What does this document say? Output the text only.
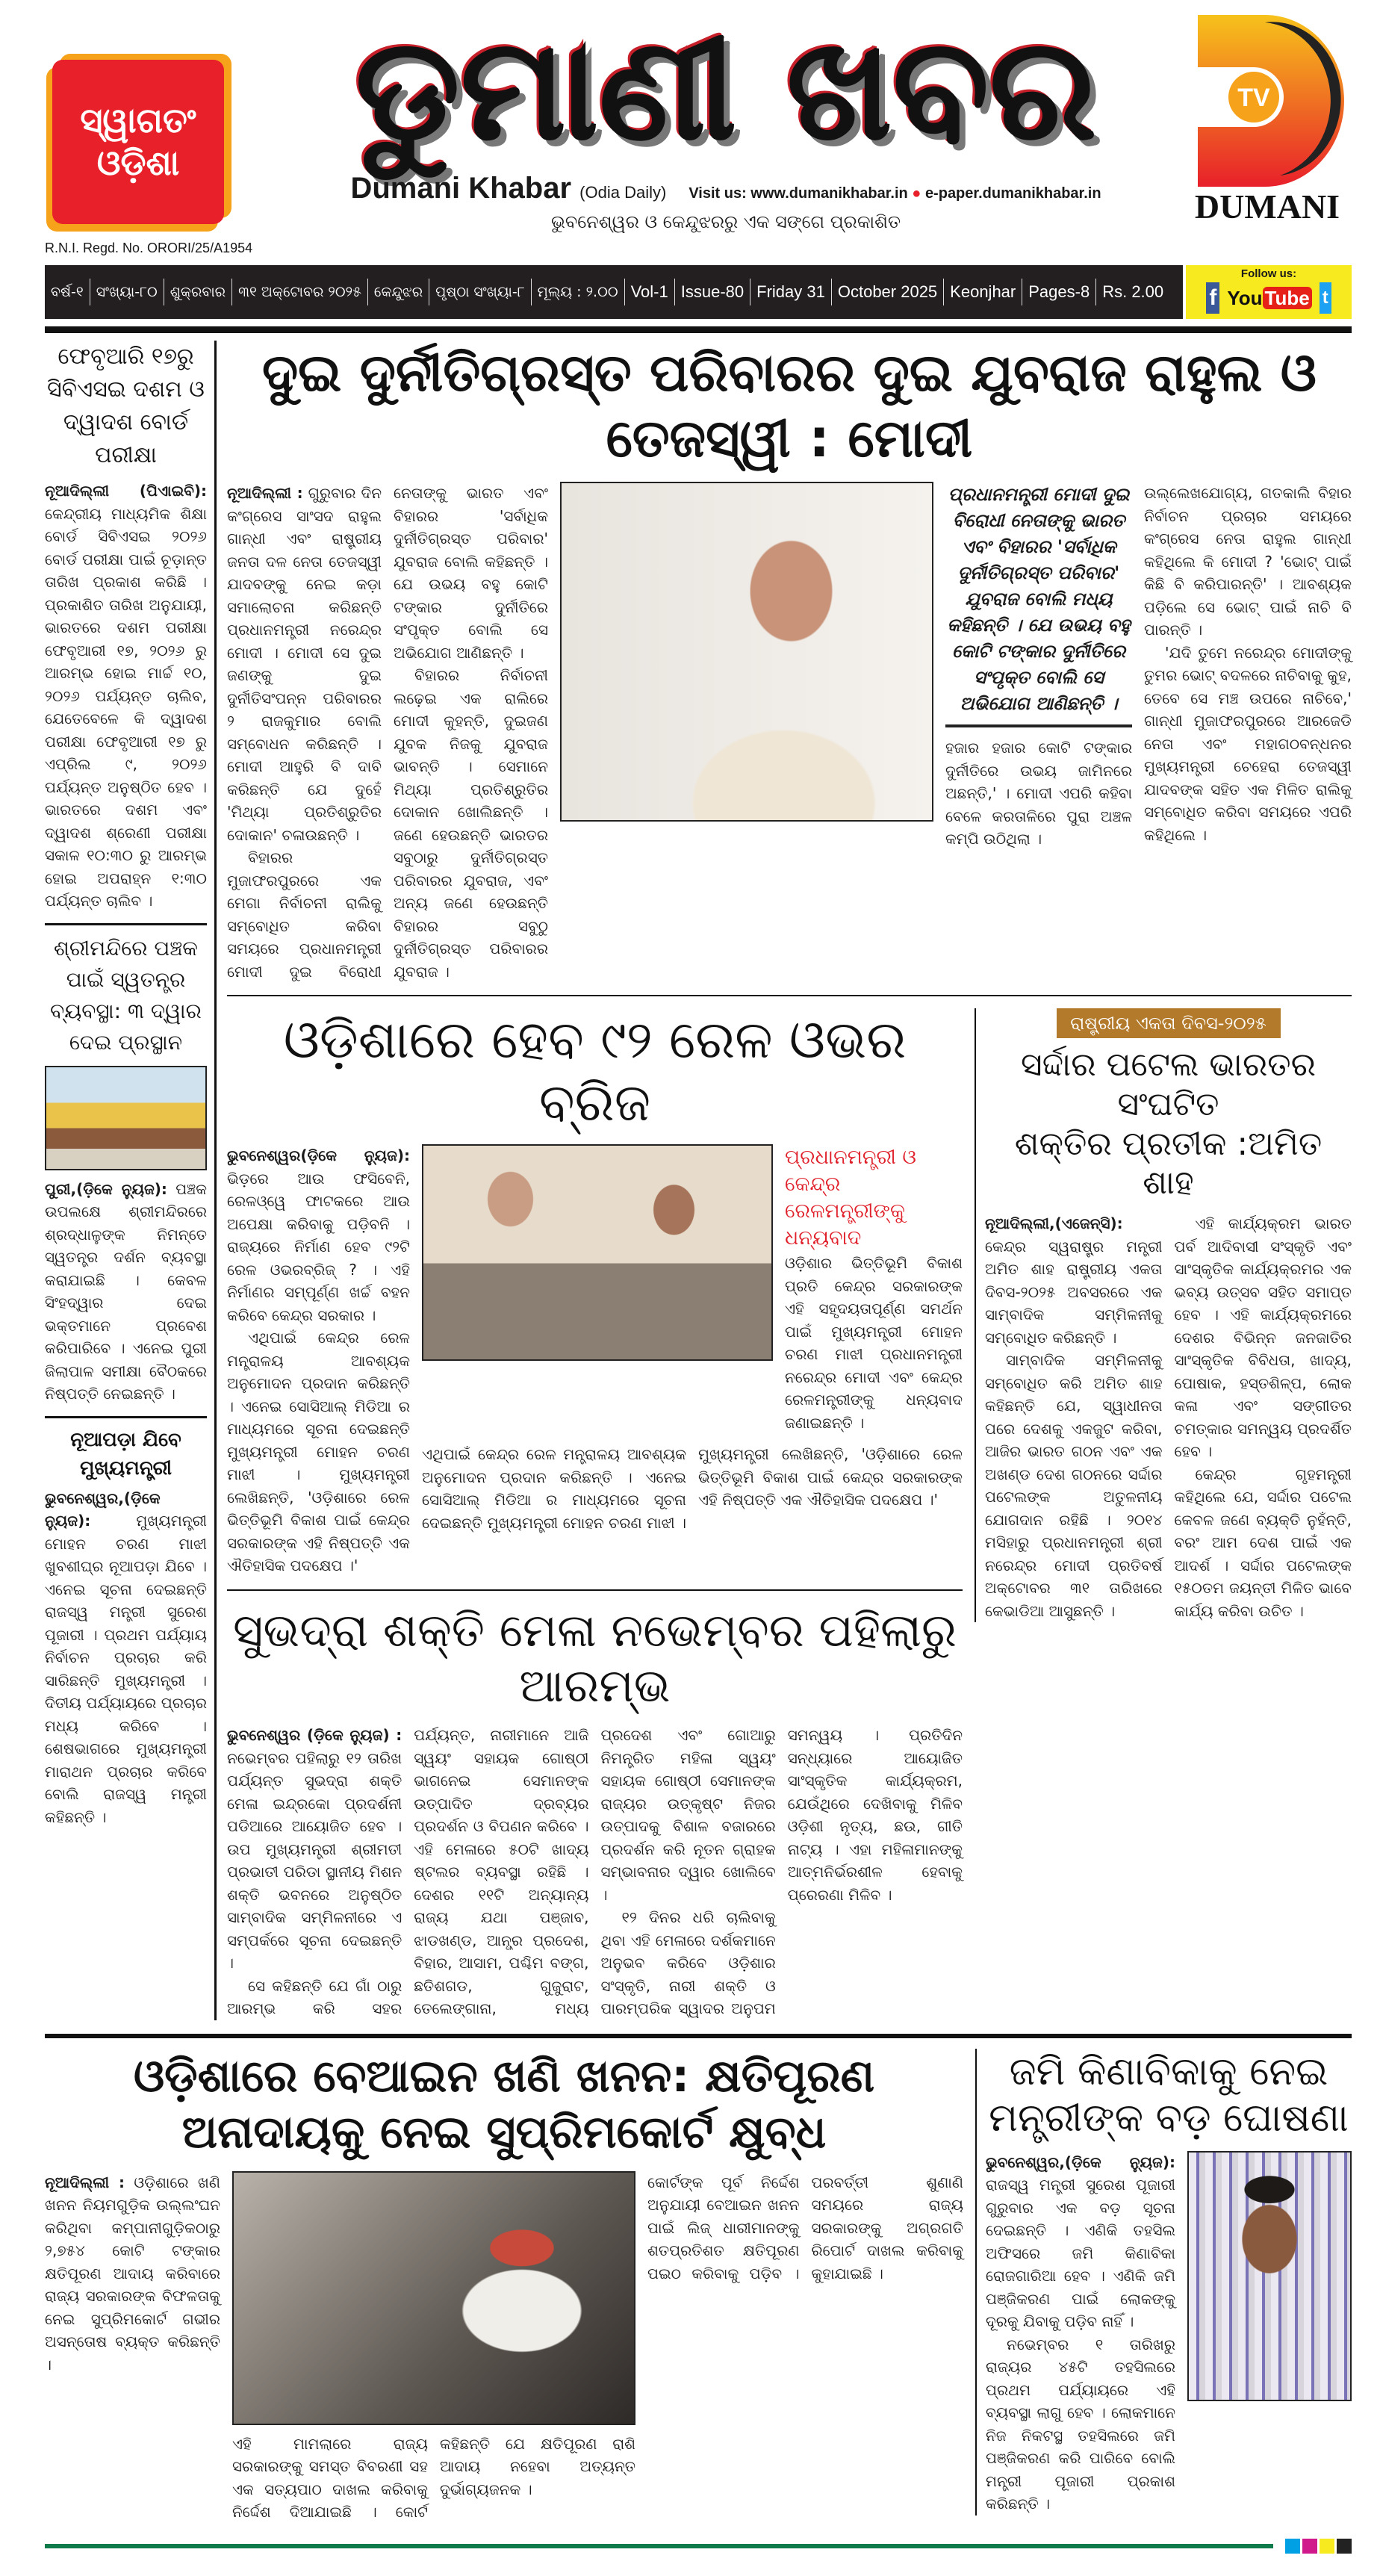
ସ୍ୱାଗତଂ
ଓଡ଼ିଶା
R.N.I. Regd. No. ORORI/25/A1954
ଡୁମାଣୀ ଖବର
Dumani Khabar (Odia Daily) Visit us: www.dumanikhabar.in ● e-paper.dumanikhabar.in
ଭୁବନେଶ୍ୱର ଓ କେନ୍ଦୁଝରରୁ ଏକ ସଙ୍ଗେ ପ୍ରକାଶିତ
TV
DUMANI
ବର୍ଷ-୧ ସଂଖ୍ୟା-୮୦ ଶୁକ୍ରବାର ୩୧ ଅକ୍ଟୋବର ୨୦୨୫ କେନ୍ଦୁଝର ପୃଷ୍ଠା ସଂଖ୍ୟା-୮ ମୂଲ୍ୟ : ୨.୦୦ Vol-1 Issue-80 Friday 31 October 2025 Keonjhar Pages-8 Rs. 2.00
Follow us:
f You Tube t
ଫେବୃଆରି ୧୭ରୁ ସିବିଏସଇ ଦଶମ ଓ ଦ୍ୱାଦଶ ବୋର୍ଡ ପରୀକ୍ଷା

ନୂଆଦିଲ୍ଲୀ (ପିଏାଇବି): କେନ୍ଦ୍ରୀୟ ମାଧ୍ୟମିକ ଶିକ୍ଷା ବୋର୍ଡ ସିବିଏସଇ ୨୦୨୬ ବୋର୍ଡ ପରୀକ୍ଷା ପାଇଁ ଚୂଡ଼ାନ୍ତ ତାରିଖ ପ୍ରକାଶ କରିଛି । ପ୍ରକାଶିତ ତାରିଖ ଅନୁଯାୟୀ, ଭାରତରେ ଦଶମ ପରୀକ୍ଷା ଫେବୃଆରୀ ୧୭, ୨୦୨୬ ରୁ ଆରମ୍ଭ ହୋଇ ମାର୍ଚ୍ଚ ୧୦, ୨୦୨୬ ପର୍ଯ୍ୟନ୍ତ ଚାଲିବ, ଯେତେବେଳେ କି ଦ୍ୱାଦଶ ପରୀକ୍ଷା ଫେବୃଆରୀ ୧୭ ରୁ ଏପ୍ରିଲ ୯, ୨୦୨୬ ପର୍ଯ୍ୟନ୍ତ ଅନୁଷ୍ଠିତ ହେବ । ଭାରତରେ ଦଶମ ଏବଂ ଦ୍ୱାଦଶ ଶ୍ରେଣୀ ପରୀକ୍ଷା ସକାଳ ୧୦:୩୦ ରୁ ଆରମ୍ଭ ହୋଇ ଅପରାହ୍ନ ୧:୩୦ ପର୍ଯ୍ୟନ୍ତ ଚାଲିବ ।

ଶ୍ରୀମନ୍ଦିରେ ପଞ୍ଚକ ପାଇଁ ସ୍ୱତନ୍ତ୍ର ବ୍ୟବସ୍ଥା: ୩ ଦ୍ୱାର ଦେଇ ପ୍ରସ୍ଥାନ

ପୁରୀ,(ଡ଼ିକେ ନ୍ୟୁଜ): ପଞ୍ଚକ ଉପଲକ୍ଷେ ଶ୍ରୀମନ୍ଦିରରେ ଶ୍ରଦ୍ଧାଳୁଙ୍କ ନିମନ୍ତେ ସ୍ୱତନ୍ତ୍ର ଦର୍ଶନ ବ୍ୟବସ୍ଥା କରାଯାଇଛି । କେବଳ ସିଂହଦ୍ୱାର ଦେଇ ଭକ୍ତମାନେ ପ୍ରବେଶ କରିପାରିବେ । ଏନେଇ ପୁରୀ ଜିଲାପାଳ ସମୀକ୍ଷା ବୈଠକରେ ନିଷ୍ପତ୍ତି ନେଇଛନ୍ତି ।

ନୂଆପଡ଼ା ଯିବେ ମୁଖ୍ୟମନ୍ତ୍ରୀ

ଭୁବନେଶ୍ୱର,(ଡ଼ିକେ ନ୍ୟୁଜ):	ମୁଖ୍ୟମନ୍ତ୍ରୀ ମୋହନ ଚରଣ ମାଝୀ ଖୁବଶୀଘ୍ର ନୂଆପଡ଼ା ଯିବେ । ଏନେଇ ସୂଚନା ଦେଇଛନ୍ତି ରାଜସ୍ୱ ମନ୍ତ୍ରୀ ସୁରେଶ ପୂଜାରୀ । ପ୍ରଥମ ପର୍ଯ୍ୟାୟ ନିର୍ବାଚନ ପ୍ରଚାର କରି ସାରିଛନ୍ତି ମୁଖ୍ୟମନ୍ତ୍ରୀ । ଦିତୀୟ ପର୍ଯ୍ୟାୟରେ ପ୍ରଚାର ମଧ୍ୟ କରିବେ । ଶେଷଭାଗରେ ମୁଖ୍ୟମନ୍ତ୍ରୀ ମାରାଥନ ପ୍ରଚାର କରିବେ ବୋଲି ରାଜସ୍ୱ ମନ୍ତ୍ରୀ କହିଛନ୍ତି ।

ଦୁଇ ଦୁର୍ନୀତିଗ୍ରସ୍ତ ପରିବାରର ଦୁଇ ଯୁବରାଜ ରାହୁଲ ଓ ତେଜସ୍ୱୀ : ମୋଦୀ

ନୂଆଦିଲ୍ଲୀ : ଗୁରୁବାର ଦିନ କଂଗ୍ରେସ ସାଂସଦ ରାହୁଲ ଗାନ୍ଧୀ ଏବଂ ରାଷ୍ଟ୍ରୀୟ ଜନତା ଦଳ ନେତା ତେଜସ୍ୱୀ ଯାଦବଙ୍କୁ ନେଇ କଡ଼ା ସମାଲୋଚନା କରିଛନ୍ତି ପ୍ରଧାନମନ୍ତ୍ରୀ ନରେନ୍ଦ୍ର ମୋଦୀ । ମୋଦୀ ସେ ଦୁଇ ଜଣଙ୍କୁ ଦୁଇ ଦୁର୍ନୀତିସଂପନ୍ନ ପରିବାରର ୨ ରାଜକୁମାର ବୋଲି ସମ୍ବୋଧନ କରିଛନ୍ତି । ମୋଦୀ ଆହୁରି ବି ଦାବି କରିଛନ୍ତି ଯେ ଦୁହେଁ 'ମିଥ୍ୟା ପ୍ରତିଶ୍ରୁତିର ଦୋକାନ' ଚଳାଉଛନ୍ତି ।

ବିହାରର ମୁଜାଫରପୁରରେ ଏକ ମେଗା ନିର୍ବାଚନୀ ରାଲିକୁ ସମ୍ବୋଧିତ କରିବା ସମୟରେ ପ୍ରଧାନମନ୍ତ୍ରୀ ମୋଦୀ ଦୁଇ ବିରୋଧୀ ନେତାଙ୍କୁ ଭାରତ ଏବଂ ବିହାରର 'ସର୍ବାଧିକ ଦୁର୍ନୀତିଗ୍ରସ୍ତ ପରିବାର' ଯୁବରାଜ ବୋଲି କହିଛନ୍ତି । ଯେ ଉଭୟ ବହୁ କୋଟି ଟଙ୍କାର ଦୁର୍ନୀତିରେ ସଂପୃକ୍ତ ବୋଲି ସେ ଅଭିଯୋଗ ଆଣିଛନ୍ତି ।

ବିହାରର ନିର୍ବାଚନୀ ଲଢ଼େଇ ଏକ ରାଲିରେ ମୋଦୀ କୁହନ୍ତି, ଦୁଇଜଣ ଯୁବକ ନିଜକୁ ଯୁବରାଜ ଭାବନ୍ତି । ସେମାନେ ମିଥ୍ୟା ପ୍ରତିଶ୍ରୁତିର ଦୋକାନ ଖୋଲିଛନ୍ତି । ଜଣେ ହେଉଛନ୍ତି ଭାରତର ସବୁଠାରୁ ଦୁର୍ନୀତିଗ୍ରସ୍ତ ପରିବାରର ଯୁବରାଜ, ଏବଂ ଅନ୍ୟ ଜଣେ ହେଉଛନ୍ତି ବିହାରର ସବୁଠୁ ଦୁର୍ନୀତିଗ୍ରସ୍ତ ପରିବାରର ଯୁବରାଜ ।

ପ୍ରଧାନମନ୍ତ୍ରୀ ମୋଦୀ ଦୁଇ ବିରୋଧୀ ନେତାଙ୍କୁ ଭାରତ ଏବଂ ବିହାରର 'ସର୍ବାଧିକ ଦୁର୍ନୀତିଗ୍ରସ୍ତ ପରିବାର' ଯୁବରାଜ ବୋଲି ମଧ୍ୟ କହିଛନ୍ତି । ଯେ ଉଭୟ ବହୁ କୋଟି ଟଙ୍କାର ଦୁର୍ନୀତିରେ ସଂପୃକ୍ତ ବୋଲି ସେ ଅଭିଯୋଗ ଆଣିଛନ୍ତି ।

ହଜାର ହଜାର କୋଟି ଟଙ୍କାର ଦୁର୍ନୀତିରେ ଉଭୟ ଜାମିନରେ ଅଛନ୍ତି,' । ମୋଦୀ ଏପରି କହିବା ବେଳେ କରତାଳିରେ ପୁରା ଅଞ୍ଚଳ କମ୍ପି ଉଠିଥିଲା ।

ଉଲ୍ଲେଖଯୋଗ୍ୟ, ଗତକାଲି ବିହାର ନିର୍ବାଚନ ପ୍ରଚାର ସମୟରେ କଂଗ୍ରେସ ନେତା ରାହୁଲ ଗାନ୍ଧୀ କହିଥିଲେ କି ମୋଦୀ ? 'ଭୋଟ୍ ପାଇଁ କିଛି ବି କରିପାରନ୍ତି' । ଆବଶ୍ୟକ ପଡ଼ିଲେ ସେ ଭୋଟ୍ ପାଇଁ ନାଚି ବି ପାରନ୍ତି ।

'ଯଦି ତୁମେ ନରେନ୍ଦ୍ର ମୋଦୀଙ୍କୁ ତୁମର ଭୋଟ୍ ବଦଳରେ ନାଚିବାକୁ କୁହ, ତେବେ ସେ ମଞ୍ଚ ଉପରେ ନାଚିବେ,' ଗାନ୍ଧୀ ମୁଜାଫରପୁରରେ ଆରଜେଡି ନେତା ଏବଂ ମହାଗଠବନ୍ଧନର ମୁଖ୍ୟମନ୍ତ୍ରୀ ଚେହେରା ତେଜସ୍ୱୀ ଯାଦବଙ୍କ ସହିତ ଏକ ମିଳିତ ରାଲିକୁ ସମ୍ବୋଧିତ କରିବା ସମୟରେ ଏପରି କହିଥିଲେ ।

ଓଡ଼ିଶାରେ ହେବ ୯୨ ରେଳ ଓଭର ବ୍ରିଜ

ଭୁବନେଶ୍ୱର(ଡ଼ିକେ ନ୍ୟୁଜ): ଭିଡ଼ରେ ଆଉ ଫସିବେନି, ରେଳଓ୍ୱେ ଫାଟକରେ ଆଉ ଅପେକ୍ଷା କରିବାକୁ ପଡ଼ିବନି । ରାଜ୍ୟରେ ନିର୍ମାଣ ହେବ ୯୨ଟି ରେଳ ଓଭରବ୍ରିଜ୍ ? । ଏହି ନିର୍ମାଣର ସମ୍ପୂର୍ଣ୍ଣ ଖର୍ଚ୍ଚ ବହନ କରିବେ କେନ୍ଦ୍ର ସରକାର ।

ଏଥିପାଇଁ କେନ୍ଦ୍ର ରେଳ ମନ୍ତ୍ରାଳୟ ଆବଶ୍ୟକ ଅନୁମୋଦନ ପ୍ରଦାନ କରିଛନ୍ତି । ଏନେଇ ସୋସିଆଲ୍ ମିଡିଆ ର ମାଧ୍ୟମରେ ସୂଚନା ଦେଇଛନ୍ତି ମୁଖ୍ୟମନ୍ତ୍ରୀ ମୋହନ ଚରଣ ମାଝୀ । ମୁଖ୍ୟମନ୍ତ୍ରୀ ଲେଖିଛନ୍ତି, 'ଓଡ଼ିଶାରେ ରେଳ ଭିତ୍ତିଭୂମି ବିକାଶ ପାଇଁ କେନ୍ଦ୍ର ସରକାରଙ୍କ ଏହି ନିଷ୍ପତ୍ତି ଏକ ଐତିହାସିକ ପଦକ୍ଷେପ ।'

ପ୍ରଧାନମନ୍ତ୍ରୀ ଓ କେନ୍ଦ୍ର ରେଳମନ୍ତ୍ରୀଙ୍କୁ ଧନ୍ୟବାଦ
ଓଡ଼ିଶାର ଭିତ୍ତିଭୂମି ବିକାଶ ପ୍ରତି କେନ୍ଦ୍ର ସରକାରଙ୍କ ଏହି ସହୃଦୟତାପୂର୍ଣ୍ଣ ସମର୍ଥନ ପାଇଁ ମୁଖ୍ୟମନ୍ତ୍ରୀ ମୋହନ ଚରଣ ମାଝୀ ପ୍ରଧାନମନ୍ତ୍ରୀ ନରେନ୍ଦ୍ର ମୋଦୀ ଏବଂ କେନ୍ଦ୍ର ରେଳମନ୍ତ୍ରୀଙ୍କୁ ଧନ୍ୟବାଦ ଜଣାଇଛନ୍ତି ।

ଏଥିପାଇଁ କେନ୍ଦ୍ର ରେଳ ମନ୍ତ୍ରାଳୟ ଆବଶ୍ୟକ ଅନୁମୋଦନ ପ୍ରଦାନ କରିଛନ୍ତି । ଏନେଇ ସୋସିଆଲ୍ ମିଡିଆ ର ମାଧ୍ୟମରେ ସୂଚନା ଦେଇଛନ୍ତି ମୁଖ୍ୟମନ୍ତ୍ରୀ ମୋହନ ଚରଣ ମାଝୀ । ମୁଖ୍ୟମନ୍ତ୍ରୀ ଲେଖିଛନ୍ତି, 'ଓଡ଼ିଶାରେ ରେଳ ଭିତ୍ତିଭୂମି ବିକାଶ ପାଇଁ କେନ୍ଦ୍ର ସରକାରଙ୍କ ଏହି ନିଷ୍ପତ୍ତି ଏକ ଐତିହାସିକ ପଦକ୍ଷେପ ।'

ସୁଭଦ୍ରା ଶକ୍ତି ମେଳା ନଭେମ୍ବର ପହିଲାରୁ ଆରମ୍ଭ

ଭୁବନେଶ୍ୱର (ଡ଼ିକେ ନ୍ୟୁଜ) : ନଭେମ୍ବର ପହିଲାରୁ ୧୨ ତାରିଖ ପର୍ଯ୍ୟନ୍ତ ସୁଭଦ୍ରା ଶକ୍ତି ମେଳା ଇନ୍ଦ୍ରକୋ ପ୍ରଦର୍ଶନୀ ପଡିଆରେ ଆୟୋଜିତ ହେବ । ଉପ ମୁଖ୍ୟମନ୍ତ୍ରୀ ଶ୍ରୀମତୀ ପ୍ରଭାତୀ ପରିଡା ସ୍ଥାନୀୟ ମିଶନ ଶକ୍ତି ଭବନରେ ଅନୁଷ୍ଠିତ ସାମ୍ବାଦିକ ସମ୍ମିଳନୀରେ ଏ ସମ୍ପର୍କରେ ସୂଚନା ଦେଇଛନ୍ତି ।

ସେ କହିଛନ୍ତି ଯେ ଗାଁ ଠାରୁ ଆରମ୍ଭ କରି ସହର ପର୍ଯ୍ୟନ୍ତ, ନାରୀମାନେ ଆଜି ସ୍ୱୟଂ ସହାୟକ ଗୋଷ୍ଠୀ ଭାଗନେଇ ସେମାନଙ୍କ ଉତ୍ପାଦିତ ଦ୍ରବ୍ୟର ପ୍ରଦର୍ଶନ ଓ ବିପଣନ କରିବେ । ଏହି ମେଳାରେ ୫୦ଟି ଖାଦ୍ୟ ଷ୍ଟଲର ବ୍ୟବସ୍ଥା ରହିଛି । ଦେଶର ୧୧ଟି ଅନ୍ୟାନ୍ୟ ରାଜ୍ୟ ଯଥା ପଞ୍ଜାବ, ଝାଡଖଣ୍ଡ, ଆନ୍ଧ୍ର ପ୍ରଦେଶ, ବିହାର, ଆସାମ, ପଶ୍ଚିମ ବଙ୍ଗ, ଛତିଶଗଡ, ଗୁଜୁରାଟ, ତେଲେଙ୍ଗାନା, ମଧ୍ୟ ପ୍ରଦେଶ ଏବଂ ଗୋଆରୁ ନିମନ୍ତ୍ରିତ ମହିଳା ସ୍ୱୟଂ ସହାୟକ ଗୋଷ୍ଠୀ ସେମାନଙ୍କ ରାଜ୍ୟର ଉତ୍କୃଷ୍ଟ ନିଜର ଉତ୍ପାଦକୁ ବିଶାଳ ବଜାରରେ ପ୍ରଦର୍ଶନ କରି ନୂତନ ଗ୍ରାହକ ସମ୍ଭାବନାର ଦ୍ୱାର ଖୋଲିବେ ।

୧୨ ଦିନର ଧରି ଚାଲିବାକୁ ଥିବା ଏହି ମେଳାରେ ଦର୍ଶକମାନେ ଅନୁଭବ କରିବେ ଓଡ଼ିଶାର ସଂସ୍କୃତି, ନାରୀ ଶକ୍ତି ଓ ପାରମ୍ପରିକ ସ୍ୱାଦର ଅନୁପମ ସମନ୍ୱୟ । ପ୍ରତିଦିନ ସନ୍ଧ୍ୟାରେ ଆୟୋଜିତ ସାଂସ୍କୃତିକ କାର୍ଯ୍ୟକ୍ରମ, ଯେଉଁଥିରେ ଦେଖିବାକୁ ମିଳିବ ଓଡ଼ିଶୀ ନୃତ୍ୟ, ଛଉ, ଗୀତି ନାଟ୍ୟ । ଏହା ମହିଳାମାନଙ୍କୁ ଆତ୍ମନିର୍ଭରଶୀଳ ହେବାକୁ ପ୍ରେରଣା ମିଳିବ ।

ରାଷ୍ଟ୍ରୀୟ ଏକତା ଦିବସ-୨୦୨୫
ସର୍ଦ୍ଦାର ପଟେଲ ଭାରତର ସଂଘଟିତ
ଶକ୍ତିର ପ୍ରତୀକ :ଅମିତ ଶାହ

ନୂଆଦିଲ୍ଲୀ,(ଏଜେନ୍ସି): କେନ୍ଦ୍ର ସ୍ୱରାଷ୍ଟ୍ର ମନ୍ତ୍ରୀ ଅମିତ ଶାହ ରାଷ୍ଟ୍ରୀୟ ଏକତା ଦିବସ-୨୦୨୫ ଅବସରରେ ଏକ ସାମ୍ବାଦିକ ସମ୍ମିଳନୀକୁ ସମ୍ବୋଧିତ କରିଛନ୍ତି ।

ସାମ୍ବାଦିକ ସମ୍ମିଳନୀକୁ ସମ୍ବୋଧିତ କରି ଅମିତ ଶାହ କହିଛନ୍ତି ଯେ, ସ୍ୱାଧୀନତା ପରେ ଦେଶକୁ ଏକଜୁଟ କରିବା, ଆଜିର ଭାରତ ଗଠନ ଏବଂ ଏକ ଅଖଣ୍ଡ ଦେଶ ଗଠନରେ ସର୍ଦ୍ଦାର ପଟେଲଙ୍କ ଅତୁଳନୀୟ ଯୋଗଦାନ ରହିଛି । ୨୦୧୪ ମସିହାରୁ ପ୍ରଧାନମନ୍ତ୍ରୀ ଶ୍ରୀ ନରେନ୍ଦ୍ର ମୋଦୀ ପ୍ରତିବର୍ଷ ଅକ୍ଟୋବର ୩୧ ତାରିଖରେ କେଭାଡିଆ ଆସୁଛନ୍ତି ।

ଏହି କାର୍ଯ୍ୟକ୍ରମ ଭାରତ ପର୍ବ ଆଦିବାସୀ ସଂସ୍କୃତି ଏବଂ ସାଂସ୍କୃତିକ କାର୍ଯ୍ୟକ୍ରମର ଏକ ଭବ୍ୟ ଉତ୍ସବ ସହିତ ସମାପ୍ତ ହେବ । ଏହି କାର୍ଯ୍ୟକ୍ରମରେ ଦେଶର ବିଭିନ୍ନ ଜନଜାତିର ସାଂସ୍କୃତିକ ବିବିଧତା, ଖାଦ୍ୟ, ପୋଷାକ, ହସ୍ତଶିଳ୍ପ, ଲୋକ କଳା ଏବଂ ସଙ୍ଗୀତର ଚମତ୍କାର ସମନ୍ୱୟ ପ୍ରଦର୍ଶିତ ହେବ ।

କେନ୍ଦ୍ର ଗୃହମନ୍ତ୍ରୀ କହିଥିଲେ ଯେ, ସର୍ଦ୍ଦାର ପଟେଲ କେବଳ ଜଣେ ବ୍ୟକ୍ତି ନୁହଁନ୍ତି, ବରଂ ଆମ ଦେଶ ପାଇଁ ଏକ ଆଦର୍ଶ । ସର୍ଦ୍ଦାର ପଟେଲଙ୍କ ୧୫୦ତମ ଜୟନ୍ତୀ ମିଳିତ ଭାବେ କାର୍ଯ୍ୟ କରିବା ଉଚିତ ।

ଓଡ଼ିଶାରେ ବେଆଇନ ଖଣି ଖନନ: କ୍ଷତିପୂରଣ ଅନାଦାୟକୁ ନେଇ ସୁପ୍ରିମକୋର୍ଟ କ୍ଷୁବ୍ଧ

ନୂଆଦିଲ୍ଲୀ : ଓଡ଼ିଶାରେ ଖଣି ଖନନ ନିୟମଗୁଡ଼ିକ ଉଲ୍ଲଂଘନ କରିଥିବା କମ୍ପାନୀଗୁଡ଼ିକଠାରୁ ୨,୭୫୪ କୋଟି ଟଙ୍କାର କ୍ଷତିପୂରଣ ଆଦାୟ କରିବାରେ ରାଜ୍ୟ ସରକାରଙ୍କ ବିଫଳତାକୁ ନେଇ ସୁପ୍ରିମକୋର୍ଟ ଗଭୀର ଅସନ୍ତୋଷ ବ୍ୟକ୍ତ କରିଛନ୍ତି ।

ଏହି ମାମଲାରେ ରାଜ୍ୟ ସରକାରଙ୍କୁ ସମସ୍ତ ବିବରଣୀ ସହ ଏକ ସତ୍ୟପାଠ ଦାଖଲ କରିବାକୁ ନିର୍ଦ୍ଦେଶ ଦିଆଯାଇଛି । କୋର୍ଟ କହିଛନ୍ତି ଯେ କ୍ଷତିପୂରଣ ରାଶି ଆଦାୟ ନହେବା ଅତ୍ୟନ୍ତ ଦୁର୍ଭାଗ୍ୟଜନକ ।

କୋର୍ଟଙ୍କ ପୂର୍ବ ନିର୍ଦ୍ଦେଶ ଅନୁଯାୟୀ ବେଆଇନ ଖନନ ପାଇଁ ଲିଜ୍ ଧାରୀମାନଙ୍କୁ ଶତପ୍ରତିଶତ କ୍ଷତିପୂରଣ ପଇଠ କରିବାକୁ ପଡ଼ିବ । ପରବର୍ତ୍ତୀ ଶୁଣାଣି ସମୟରେ ରାଜ୍ୟ ସରକାରଙ୍କୁ ଅଗ୍ରଗତି ରିପୋର୍ଟ ଦାଖଲ କରିବାକୁ କୁହାଯାଇଛି ।

ଜମି କିଣାବିକାକୁ ନେଇ
ମନ୍ତ୍ରୀଙ୍କ ବଡ଼ ଘୋଷଣା

ଭୁବନେଶ୍ୱର,(ଡ଼ିକେ ନ୍ୟୁଜ): ରାଜସ୍ୱ ମନ୍ତ୍ରୀ ସୁରେଶ ପୂଜାରୀ ଗୁରୁବାର ଏକ ବଡ଼ ସୂଚନା ଦେଇଛନ୍ତି । ଏଣିକି ତହସିଲ ଅଫିସରେ ଜମି କିଣାବିକା ରୋଜଗାରିଆ ହେବ । ଏଣିକି ଜମି ପଞ୍ଜିକରଣ ପାଇଁ ଲୋକଙ୍କୁ ଦୂରକୁ ଯିବାକୁ ପଡ଼ିବ ନାହିଁ ।

ନଭେମ୍ବର ୧ ତାରିଖରୁ ରାଜ୍ୟର ୪୫ଟି ତହସିଲରେ ପ୍ରଥମ ପର୍ଯ୍ୟାୟରେ ଏହି ବ୍ୟବସ୍ଥା ଲାଗୁ ହେବ । ଲୋକମାନେ ନିଜ ନିକଟସ୍ଥ ତହସିଲରେ ଜମି ପଞ୍ଜିକରଣ କରି ପାରିବେ ବୋଲି ମନ୍ତ୍ରୀ ପୂଜାରୀ ପ୍ରକାଶ କରିଛନ୍ତି ।
